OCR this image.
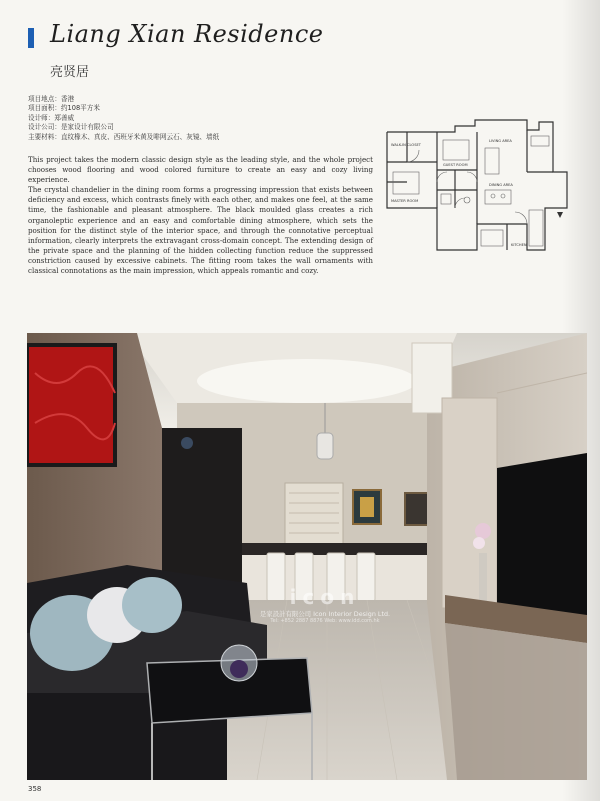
Liang Xian Residence
亮贤居
项目地点：香港
项目面积：约108平方米
设计师：郑善威
设计公司：是家设计有限公司
主要材料：直纹橡木、真皮、西班牙米黄及啡网云石、灰镜、墙纸

This project takes the modern classic design style as the leading style, and the whole project chooses wood flooring and wood colored furniture to create an easy and cozy living experience.

The crystal chandelier in the dining room forms a progressing impression that exists between deficiency and excess, which contrasts finely with each other, and makes one feel, at the same time, the fashionable and pleasant atmosphere. The black moulded glass creates a rich organoleptic experience and an easy and comfortable dining atmosphere, which sets the position for the distinct style of the interior space, and through the connotative perceptual information, clearly interprets the extravagant cross-domain concept. The extending design of the private space and the planning of the hidden collecting function reduce the suppressed constriction caused by excessive cabinets. The fitting room takes the wall ornaments with classical connotations as the main impression, which appeals romantic and cozy.

WALK-IN CLOSET
GUEST ROOM
LIVING AREA
MASTER ROOM
DINING AREA
KITCHEN
icon
是家設計有限公司 Icon Interior Design Ltd.
Tel: +852 2887 8876 Web: www.idd.com.hk
358
